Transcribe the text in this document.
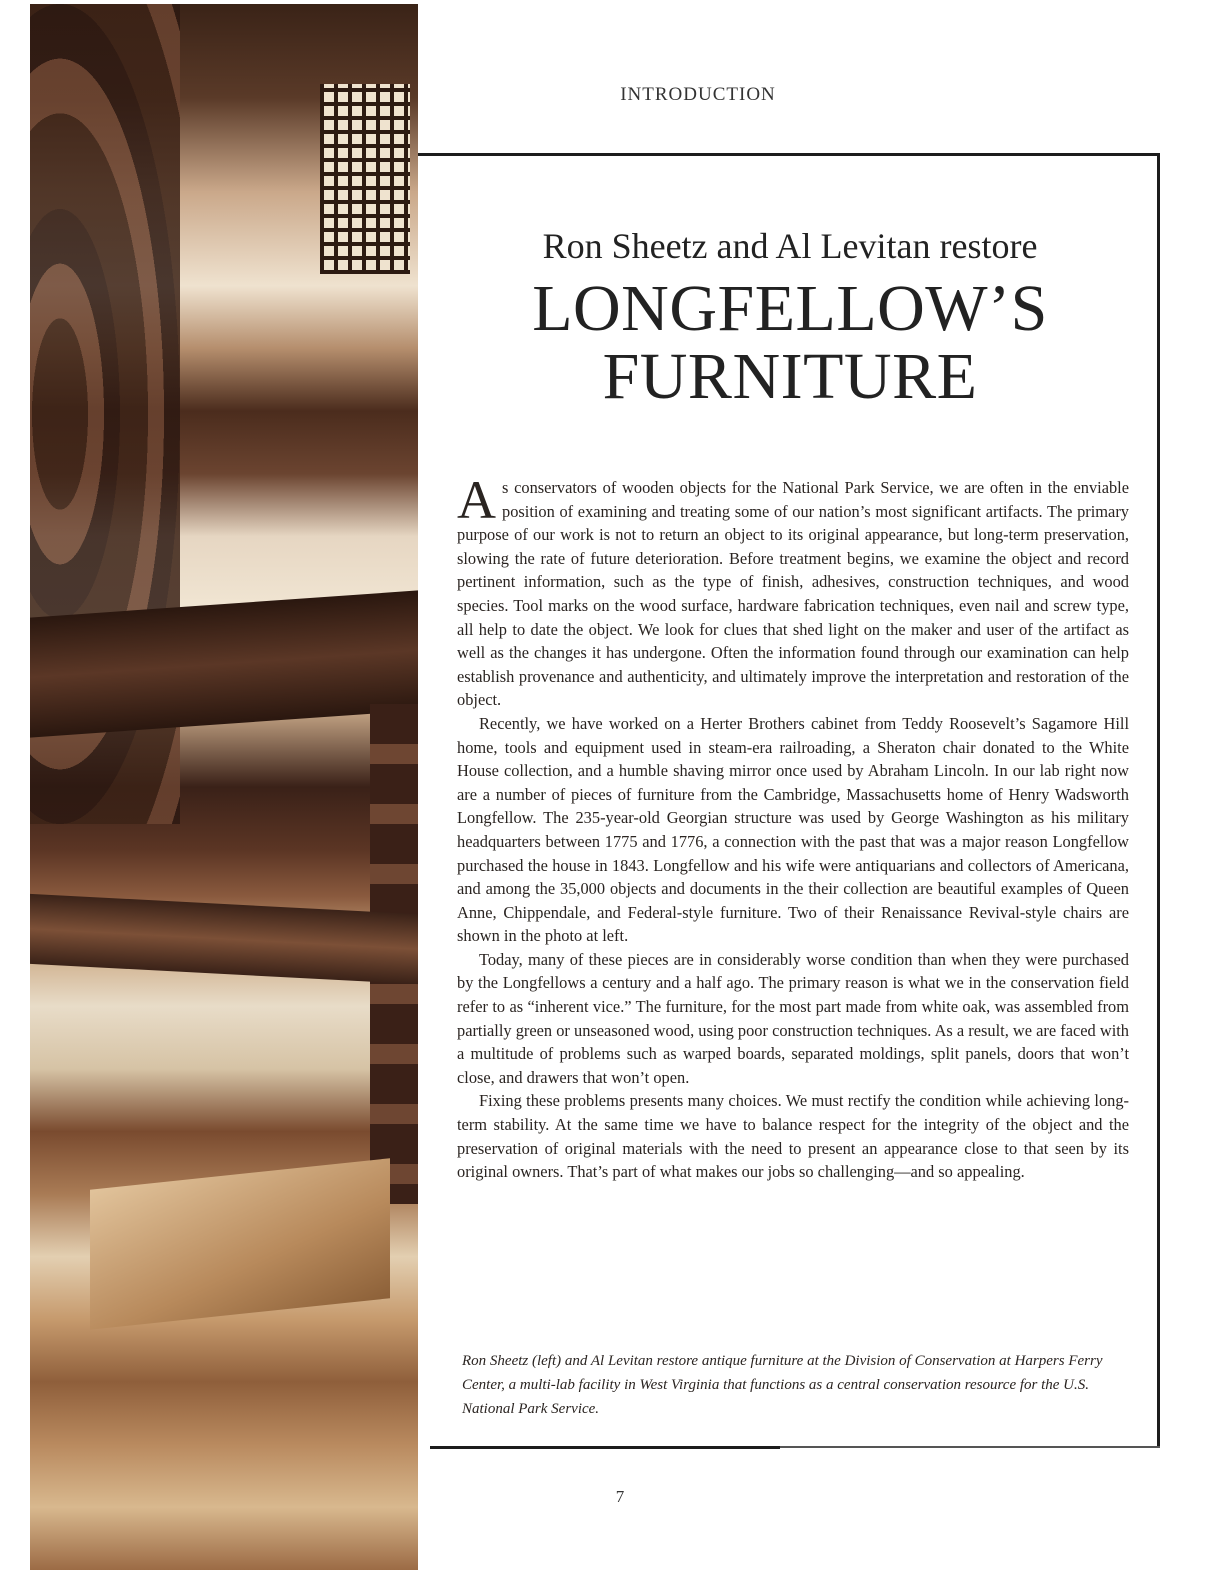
INTRODUCTION
Ron Sheetz and Al Levitan restore
LONGFELLOW’S
FURNITURE

As conservators of wooden objects for the National Park Service, we are often in the enviable position of examining and treating some of our nation’s most significant artifacts. The primary purpose of our work is not to return an object to its original appearance, but long-term preservation, slowing the rate of future deterioration. Before treatment begins, we examine the object and record pertinent information, such as the type of finish, adhesives, construction techniques, and wood species. Tool marks on the wood surface, hardware fabrication techniques, even nail and screw type, all help to date the object. We look for clues that shed light on the maker and user of the artifact as well as the changes it has undergone. Often the information found through our examination can help establish provenance and authenticity, and ultimately improve the interpretation and restoration of the object.

Recently, we have worked on a Herter Brothers cabinet from Teddy Roosevelt’s Sagamore Hill home, tools and equipment used in steam-era railroading, a Sheraton chair donated to the White House collection, and a humble shaving mirror once used by Abraham Lincoln. In our lab right now are a number of pieces of furniture from the Cambridge, Massachusetts home of Henry Wadsworth Longfellow. The 235-year-old Georgian structure was used by George Washington as his military headquarters between 1775 and 1776, a connection with the past that was a major reason Longfellow purchased the house in 1843. Longfellow and his wife were antiquarians and collectors of Americana, and among the 35,000 objects and documents in the their collection are beautiful examples of Queen Anne, Chippendale, and Federal-style furniture. Two of their Renaissance Revival-style chairs are shown in the photo at left.

Today, many of these pieces are in considerably worse condition than when they were purchased by the Longfellows a century and a half ago. The primary reason is what we in the conservation field refer to as “inherent vice.” The furniture, for the most part made from white oak, was assembled from partially green or unseasoned wood, using poor construction techniques. As a result, we are faced with a multitude of problems such as warped boards, separated moldings, split panels, doors that won’t close, and drawers that won’t open.

Fixing these problems presents many choices. We must rectify the condition while achieving long-term stability. At the same time we have to balance respect for the integrity of the object and the preservation of original materials with the need to present an appearance close to that seen by its original owners. That’s part of what makes our jobs so challenging—and so appealing.

Ron Sheetz (left) and Al Levitan restore antique furniture at the Division of Conservation at Harpers Ferry Center, a multi-lab facility in West Virginia that functions as a central conservation resource for the U.S. National Park Service.
7
